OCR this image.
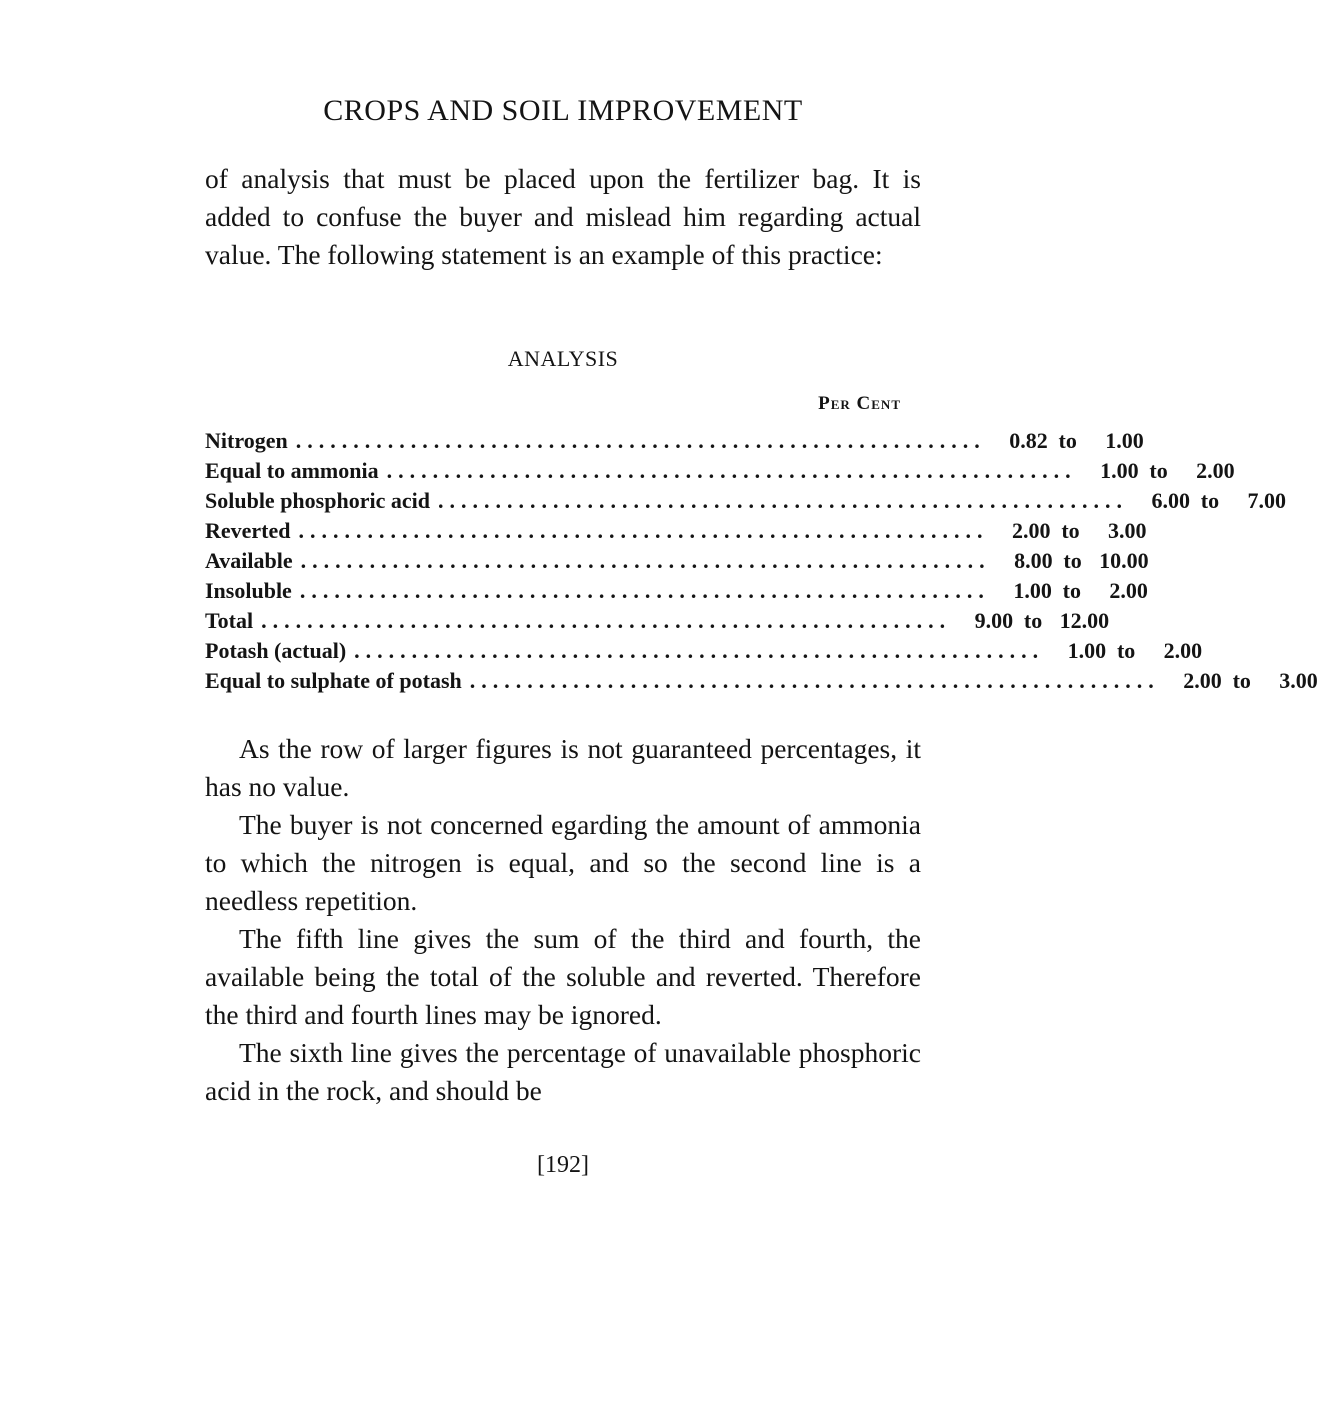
CROPS AND SOIL IMPROVEMENT

of analysis that must be placed upon the fertilizer bag. It is added to confuse the buyer and mislead him regarding actual value. The following statement is an example of this practice:

ANALYSIS
Per Cent
Nitrogen ............................................................	0.82 to	1.00
Equal to ammonia ............................................................	1.00 to	2.00
Soluble phosphoric acid ............................................................	6.00 to	7.00
Reverted ............................................................	2.00 to	3.00
Available ............................................................	8.00 to 10.00
Insoluble ............................................................	1.00 to	2.00
Total ............................................................	9.00 to 12.00
Potash (actual) ............................................................	1.00 to	2.00
Equal to sulphate of potash ............................................................	2.00 to	3.00

As the row of larger figures is not guaranteed percentages, it has no value.

The buyer is not concerned egarding the amount of ammonia to which the nitrogen is equal, and so the second line is a needless repetition.

The fifth line gives the sum of the third and fourth, the available being the total of the soluble and reverted. Therefore the third and fourth lines may be ignored.

The sixth line gives the percentage of unavailable phosphoric acid in the rock, and should be

[192]
